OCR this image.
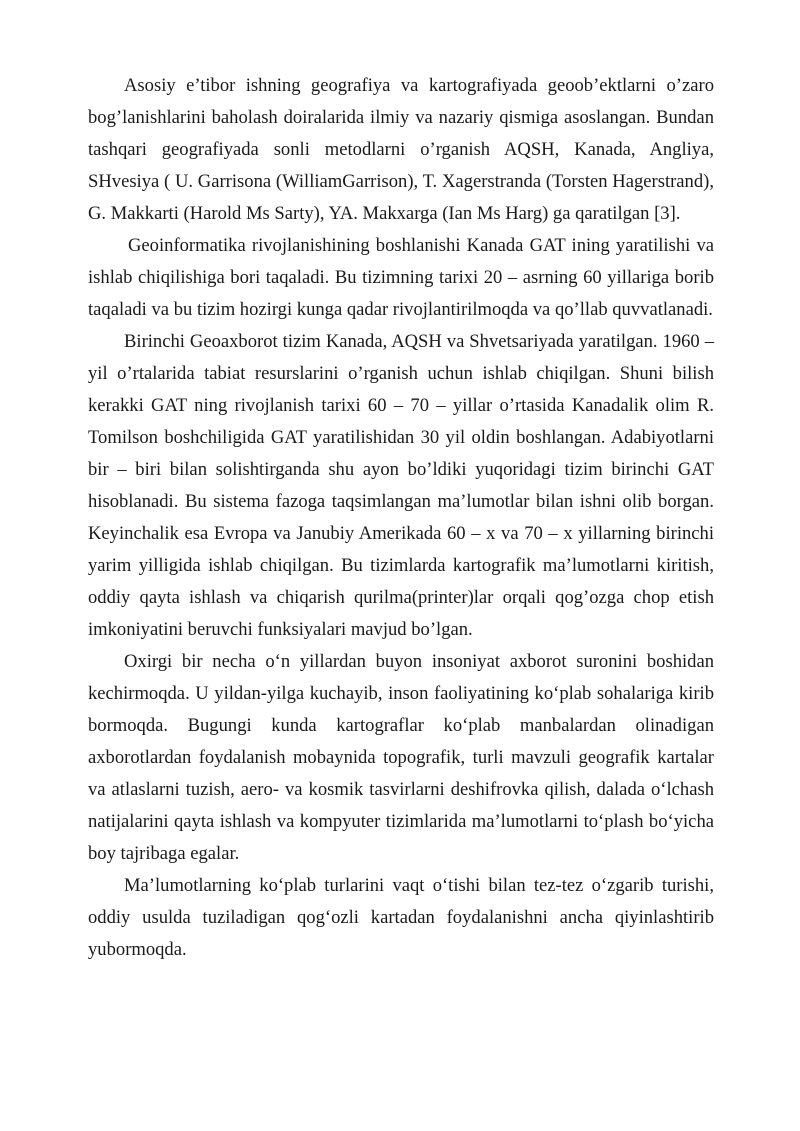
Asosiy e’tibor ishning geografiya va kartografiyada geoob’ektlarni o’zaro bog’lanishlarini baholash doiralarida ilmiy va nazariy qismiga asoslangan. Bundan tashqari geografiyada sonli metodlarni o’rganish AQSH, Kanada, Angliya, SHvesiya ( U. Garrisona (WilliamGarrison), T. Xagerstranda (Torsten Hagerstrand), G. Makkarti (Harold Ms Sarty), YA. Makxarga (Ian Ms Harg) ga qaratilgan [3].

Geoinformatika rivojlanishining boshlanishi Kanada GAT ining yaratilishi va ishlab chiqilishiga bori taqaladi. Bu tizimning tarixi 20 – asrning 60 yillariga borib taqaladi va bu tizim hozirgi kunga qadar rivojlantirilmoqda va qo’llab quvvatlanadi.

Birinchi Geoaxborot tizim Kanada, AQSH va Shvetsariyada yaratilgan. 1960 – yil o’rtalarida tabiat resurslarini o’rganish uchun ishlab chiqilgan. Shuni bilish kerakki GAT ning rivojlanish tarixi 60 – 70 – yillar o’rtasida Kanadalik olim R. Tomilson boshchiligida GAT yaratilishidan 30 yil oldin boshlangan. Adabiyotlarni bir – biri bilan solishtirganda shu ayon bo’ldiki yuqoridagi tizim birinchi GAT hisoblanadi. Bu sistema fazoga taqsimlangan ma’lumotlar bilan ishni olib borgan. Keyinchalik esa Evropa va Janubiy Amerikada 60 – x va 70 – x yillarning birinchi yarim yilligida ishlab chiqilgan. Bu tizimlarda kartografik ma’lumotlarni kiritish, oddiy qayta ishlash va chiqarish qurilma(printer)lar orqali qog’ozga chop etish imkoniyatini beruvchi funksiyalari mavjud bo’lgan.

Oxirgi bir necha o‘n yillardan buyon insoniyat axborot suronini boshidan kechirmoqda. U yildan-yilga kuchayib, inson faoliyatining ko‘plab sohalariga kirib bormoqda. Bugungi kunda kartograflar ko‘plab manbalardan olinadigan axborotlardan foydalanish mobaynida topografik, turli mavzuli geografik kartalar va atlaslarni tuzish, aero- va kosmik tasvirlarni deshifrovka qilish, dalada o‘lchash natijalarini qayta ishlash va kompyuter tizimlarida ma’lumotlarni to‘plash bo‘yicha boy tajribaga egalar.

Ma’lumotlarning ko‘plab turlarini vaqt o‘tishi bilan tez-tez o‘zgarib turishi, oddiy usulda tuziladigan qog‘ozli kartadan foydalanishni ancha qiyinlashtirib yubormoqda.
